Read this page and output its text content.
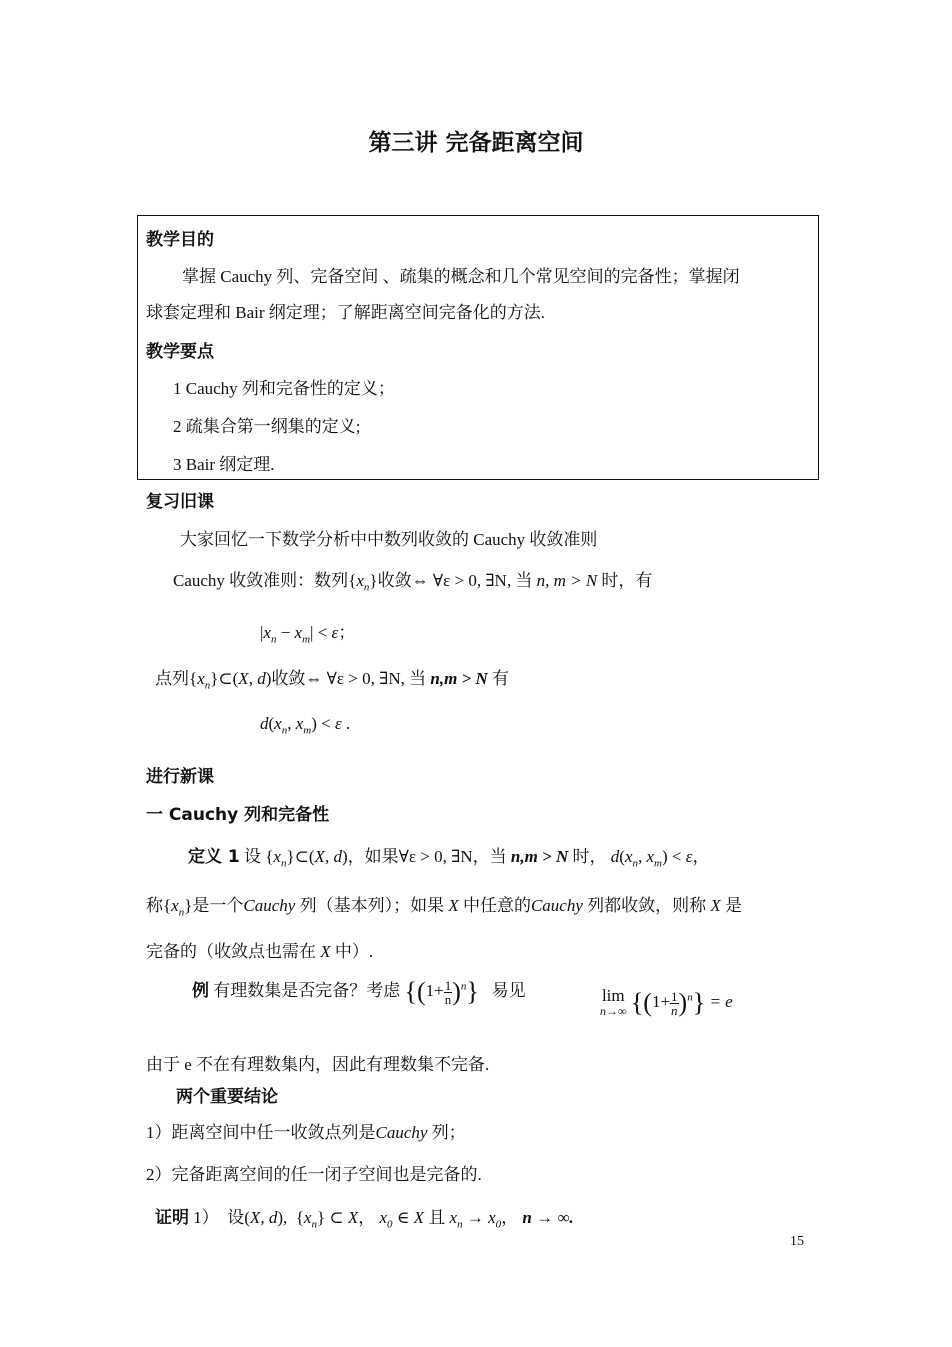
第三讲 完备距离空间
教学目的
掌握 Cauchy 列、完备空间 、疏集的概念和几个常见空间的完备性；掌握闭
球套定理和 Bair 纲定理；了解距离空间完备化的方法.
教学要点
1 Cauchy 列和完备性的定义；
2 疏集合第一纲集的定义;
3 Bair 纲定理.
复习旧课
大家回忆一下数学分析中中数列收敛的 Cauchy 收敛准则
Cauchy 收敛准则：数列$\{x_n\}$收敛⇔ ∀ε > 0, ∃N, 当 n, m > N 时，有
$|x_n - x_m| < \varepsilon$；
点列$\{x_n\}\subset(X$, d)收敛⇔ ∀ε > 0, ∃N, 当 n,m > N 有
$d(x_n$, $x_m) < \varepsilon$ .
进行新课
一 Cauchy 列和完备性
定义 1 设 $\{x_n\}\subset(X$, d)，如果∀ε > 0, ∃N，当 n,m > N 时， $d(x_n$, $x_m) < \varepsilon$，
称$\{x_n\}$是一个Cauchy 列（基本列）；如果 X 中任意的Cauchy 列都收敛，则称 X 是
完备的（收敛点也需在 X 中）.
例 有理数集是否完备？考虑 $\{(1+ \frac{1}{n} )^n\}$ 易见	lim
n→∞ $\{(1+ \frac{1}{n} )^n\} = e$
由于 e 不在有理数集内，因此有理数集不完备.
两个重要结论
1）距离空间中任一收敛点列是Cauchy 列；
2）完备距离空间的任一闭子空间也是完备的.
证明 1）  设(X, d),  $\{x_n\}$ ⊂ X， $x_0$ ∈ X 且 $x_n \to x_0$， n → ∞.
15
